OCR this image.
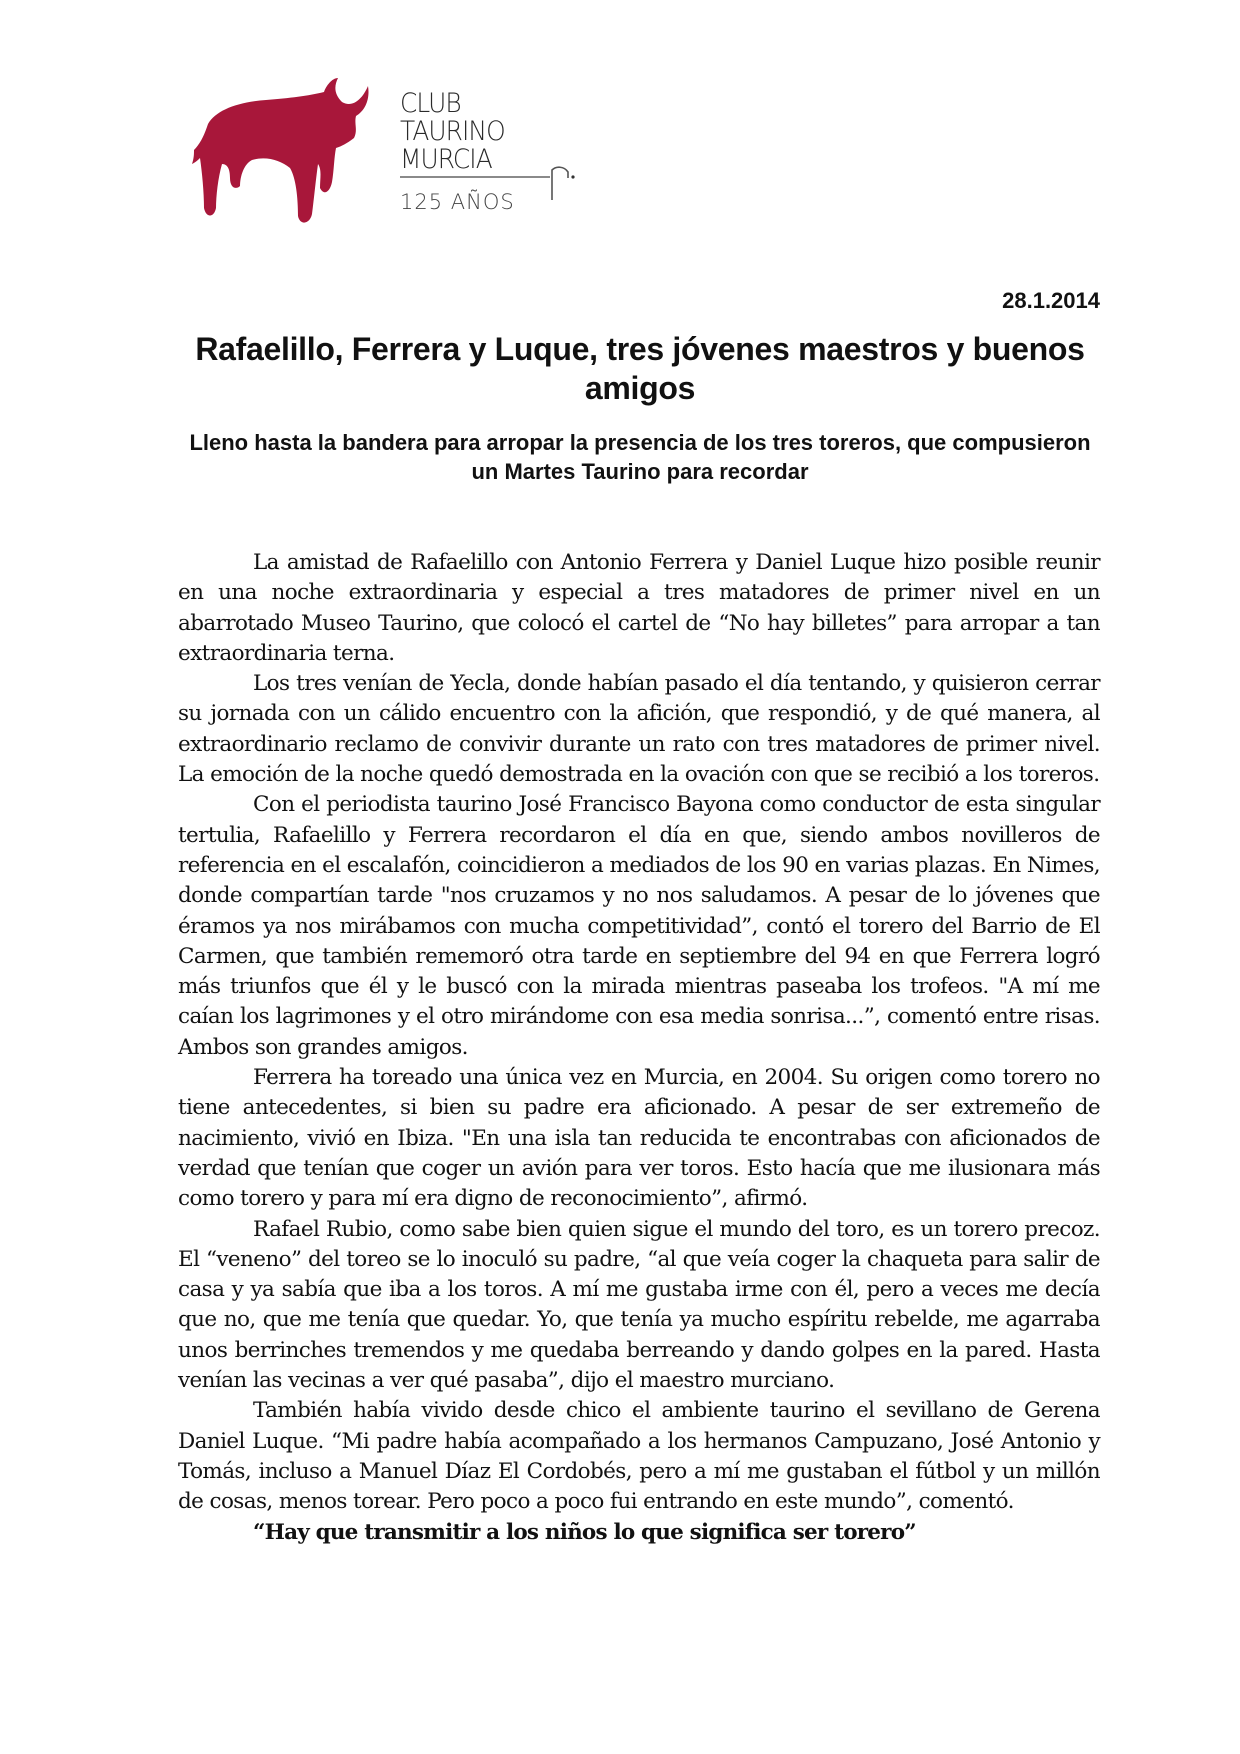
CLUB
TAURINO
MURCIA
125 AÑOS
28.1.2014
Rafaelillo, Ferrera y Luque, tres jóvenes maestros y buenos amigos
Lleno hasta la bandera para arropar la presencia de los tres toreros, que compusieron un Martes Taurino para recordar

La amistad de Rafaelillo con Antonio Ferrera y Daniel Luque hizo posible reunir en una noche extraordinaria y especial a tres matadores de primer nivel en un abarrotado Museo Taurino, que colocó el cartel de “No hay billetes” para arropar a tan extraordinaria terna.

Los tres venían de Yecla, donde habían pasado el día tentando, y quisieron cerrar su jornada con un cálido encuentro con la afición, que respondió, y de qué manera, al extraordinario reclamo de convivir durante un rato con tres matadores de primer nivel. La emoción de la noche quedó demostrada en la ovación con que se recibió a los toreros.

Con el periodista taurino José Francisco Bayona como conductor de esta singular tertulia, Rafaelillo y Ferrera recordaron el día en que, siendo ambos novilleros de referencia en el escalafón, coincidieron a mediados de los 90 en varias plazas. En Nimes, donde compartían tarde "nos cruzamos y no nos saludamos. A pesar de lo jóvenes que éramos ya nos mirábamos con mucha competitividad”, contó el torero del Barrio de El Carmen, que también rememoró otra tarde en septiembre del 94 en que Ferrera logró más triunfos que él y le buscó con la mirada mientras paseaba los trofeos. "A mí me caían los lagrimones y el otro mirándome con esa media sonrisa...”, comentó entre risas. Ambos son grandes amigos.

Ferrera ha toreado una única vez en Murcia, en 2004. Su origen como torero no tiene antecedentes, si bien su padre era aficionado. A pesar de ser extremeño de nacimiento, vivió en Ibiza. "En una isla tan reducida te encontrabas con aficionados de verdad que tenían que coger un avión para ver toros. Esto hacía que me ilusionara más como torero y para mí era digno de reconocimiento”, afirmó.

Rafael Rubio, como sabe bien quien sigue el mundo del toro, es un torero precoz. El “veneno” del toreo se lo inoculó su padre, “al que veía coger la chaqueta para salir de casa y ya sabía que iba a los toros. A mí me gustaba irme con él, pero a veces me decía que no, que me tenía que quedar. Yo, que tenía ya mucho espíritu rebelde, me agarraba unos berrinches tremendos y me quedaba berreando y dando golpes en la pared. Hasta venían las vecinas a ver qué pasaba”, dijo el maestro murciano.

También había vivido desde chico el ambiente taurino el sevillano de Gerena Daniel Luque. “Mi padre había acompañado a los hermanos Campuzano, José Antonio y Tomás, incluso a Manuel Díaz El Cordobés, pero a mí me gustaban el fútbol y un millón de cosas, menos torear. Pero poco a poco fui entrando en este mundo”, comentó.

“Hay que transmitir a los niños lo que significa ser torero”
